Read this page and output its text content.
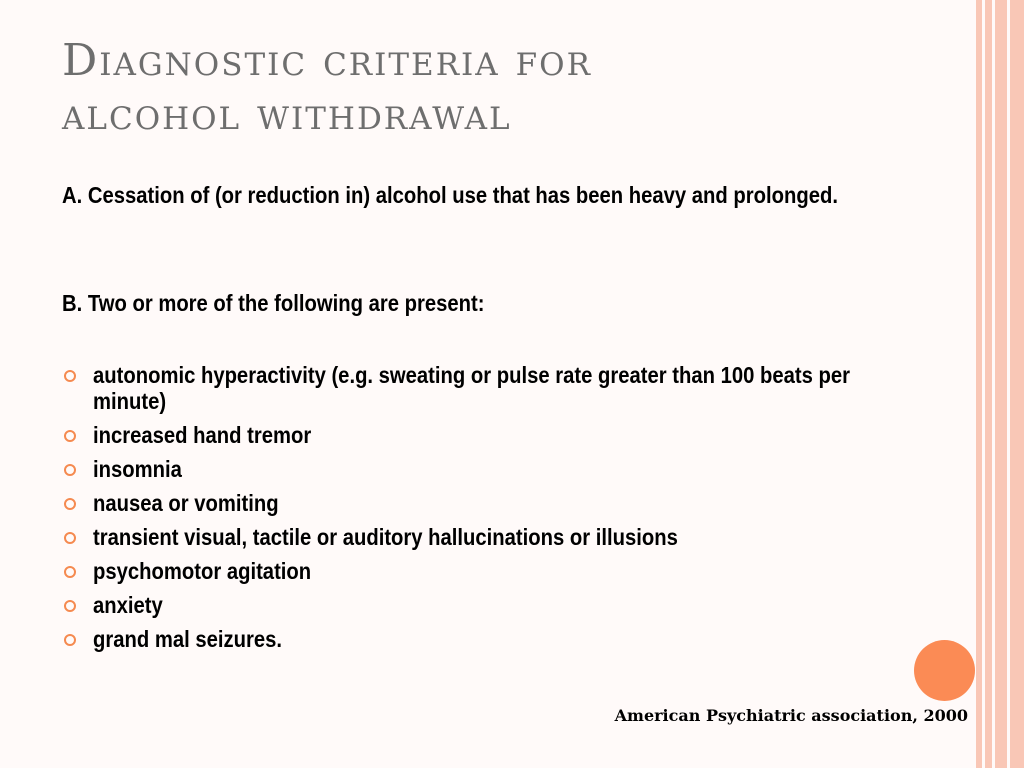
Diagnostic criteria for
alcohol withdrawal

A. Cessation of (or reduction in) alcohol use that has been heavy and prolonged.

B. Two or more of the following are present:

autonomic hyperactivity (e.g. sweating or pulse rate greater than 100 beats per minute)
increased hand tremor
insomnia
nausea or vomiting
transient visual, tactile or auditory hallucinations or illusions
psychomotor agitation
anxiety
grand mal seizures.

American Psychiatric association, 2000
